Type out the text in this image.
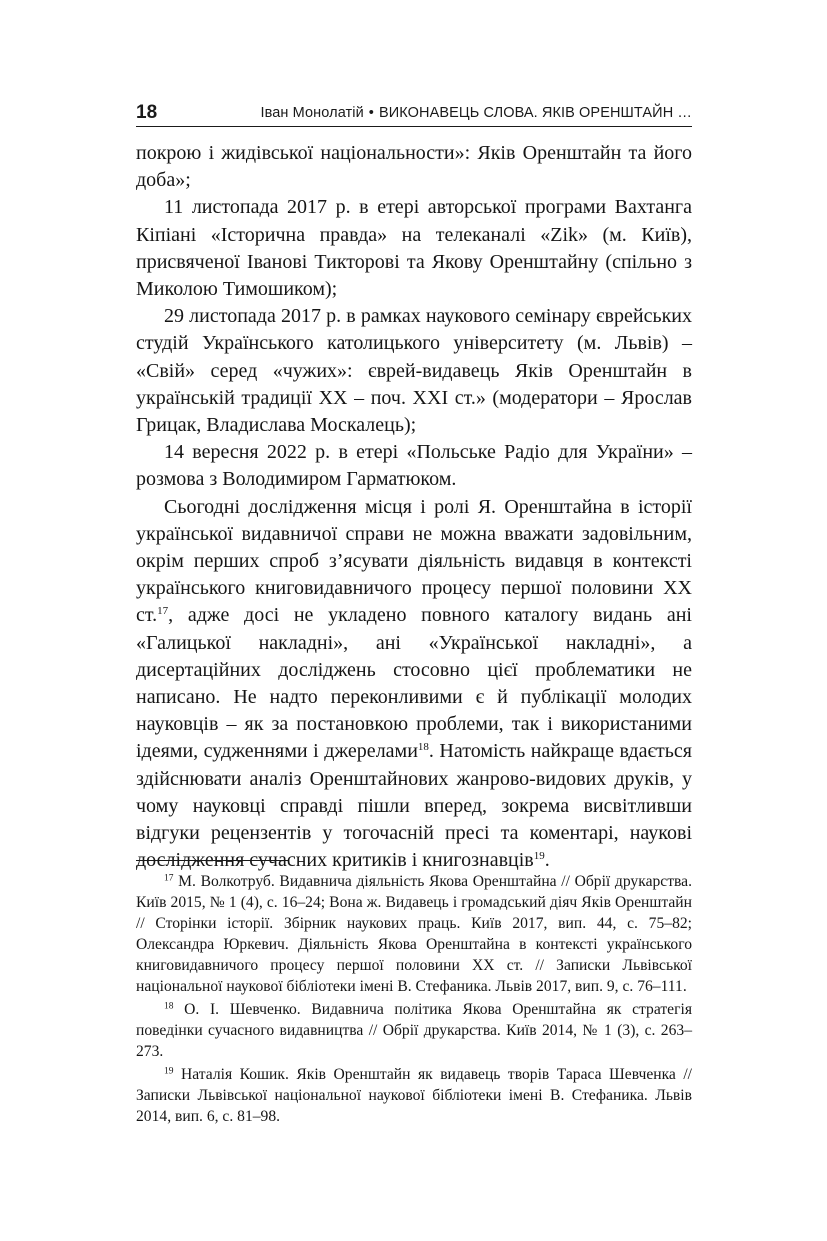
18	Іван Монолатій • ВИКОНАВЕЦЬ СЛОВА. ЯКІВ ОРЕНШТАЙН …

покрою і жидівської національности»: Яків Оренштайн та його доба»;

11 листопада 2017 р. в етері авторської програми Вахтанга Кіпіані «Історична правда» на телеканалі «Zik» (м. Київ), присвяченої Іванові Тикторові та Якову Оренштайну (спільно з Миколою Тимошиком);

29 листопада 2017 р. в рамках наукового семінару єврейських студій Українського католицького університету (м. Львів) – «Свій» серед «чужих»: єврей-видавець Яків Оренштайн в українській традиції XX – поч. XXI ст.» (модератори – Ярослав Грицак, Владислава Москалець);

14 вересня 2022 р. в етері «Польське Радіо для України» – розмова з Володимиром Гарматюком.

Сьогодні дослідження місця і ролі Я. Оренштайна в історії української видавничої справи не можна вважати задовільним, окрім перших спроб з’ясувати діяльність видавця в контексті українського книговидавничого процесу першої половини XX ст.$^{17}$, адже досі не укладено повного каталогу видань ані «Галицької накладні», ані «Української накладні», а дисертаційних досліджень стосовно цієї проблематики не написано. Не надто переконливими є й публікації молодих науковців – як за постановкою проблеми, так і використаними ідеями, судженнями і джерелами$^{18}$. Натомість найкраще вдається здійснювати аналіз Оренштайнових жанрово-видових друків, у чому науковці справді пішли вперед, зокрема висвітливши відгуки рецензентів у тогочасній пресі та коментарі, наукові дослідження сучасних критиків і книгознавців$^{19}$.

$^{17}$ М. Волкотруб. Видавнича діяльність Якова Оренштайна // Обрії друкарства. Київ 2015, № 1 (4), с. 16–24; Вона ж. Видавець і громадський діяч Яків Оренштайн // Сторінки історії. Збірник наукових праць. Київ 2017, вип. 44, с. 75–82; Олександра Юркевич. Діяльність Якова Оренштайна в контексті українського книговидавничого процесу першої половини XX ст. // Записки Львівської національної наукової бібліотеки імені В. Стефаника. Львів 2017, вип. 9, с. 76–111.

$^{18}$ О. І. Шевченко. Видавнича політика Якова Оренштайна як стратегія поведінки сучасного видавництва // Обрії друкарства. Київ 2014, № 1 (3), с. 263–273.

$^{19}$ Наталія Кошик. Яків Оренштайн як видавець творів Тараса Шевченка // Записки Львівської національної наукової бібліотеки імені В. Стефаника. Львів 2014, вип. 6, с. 81–98.
